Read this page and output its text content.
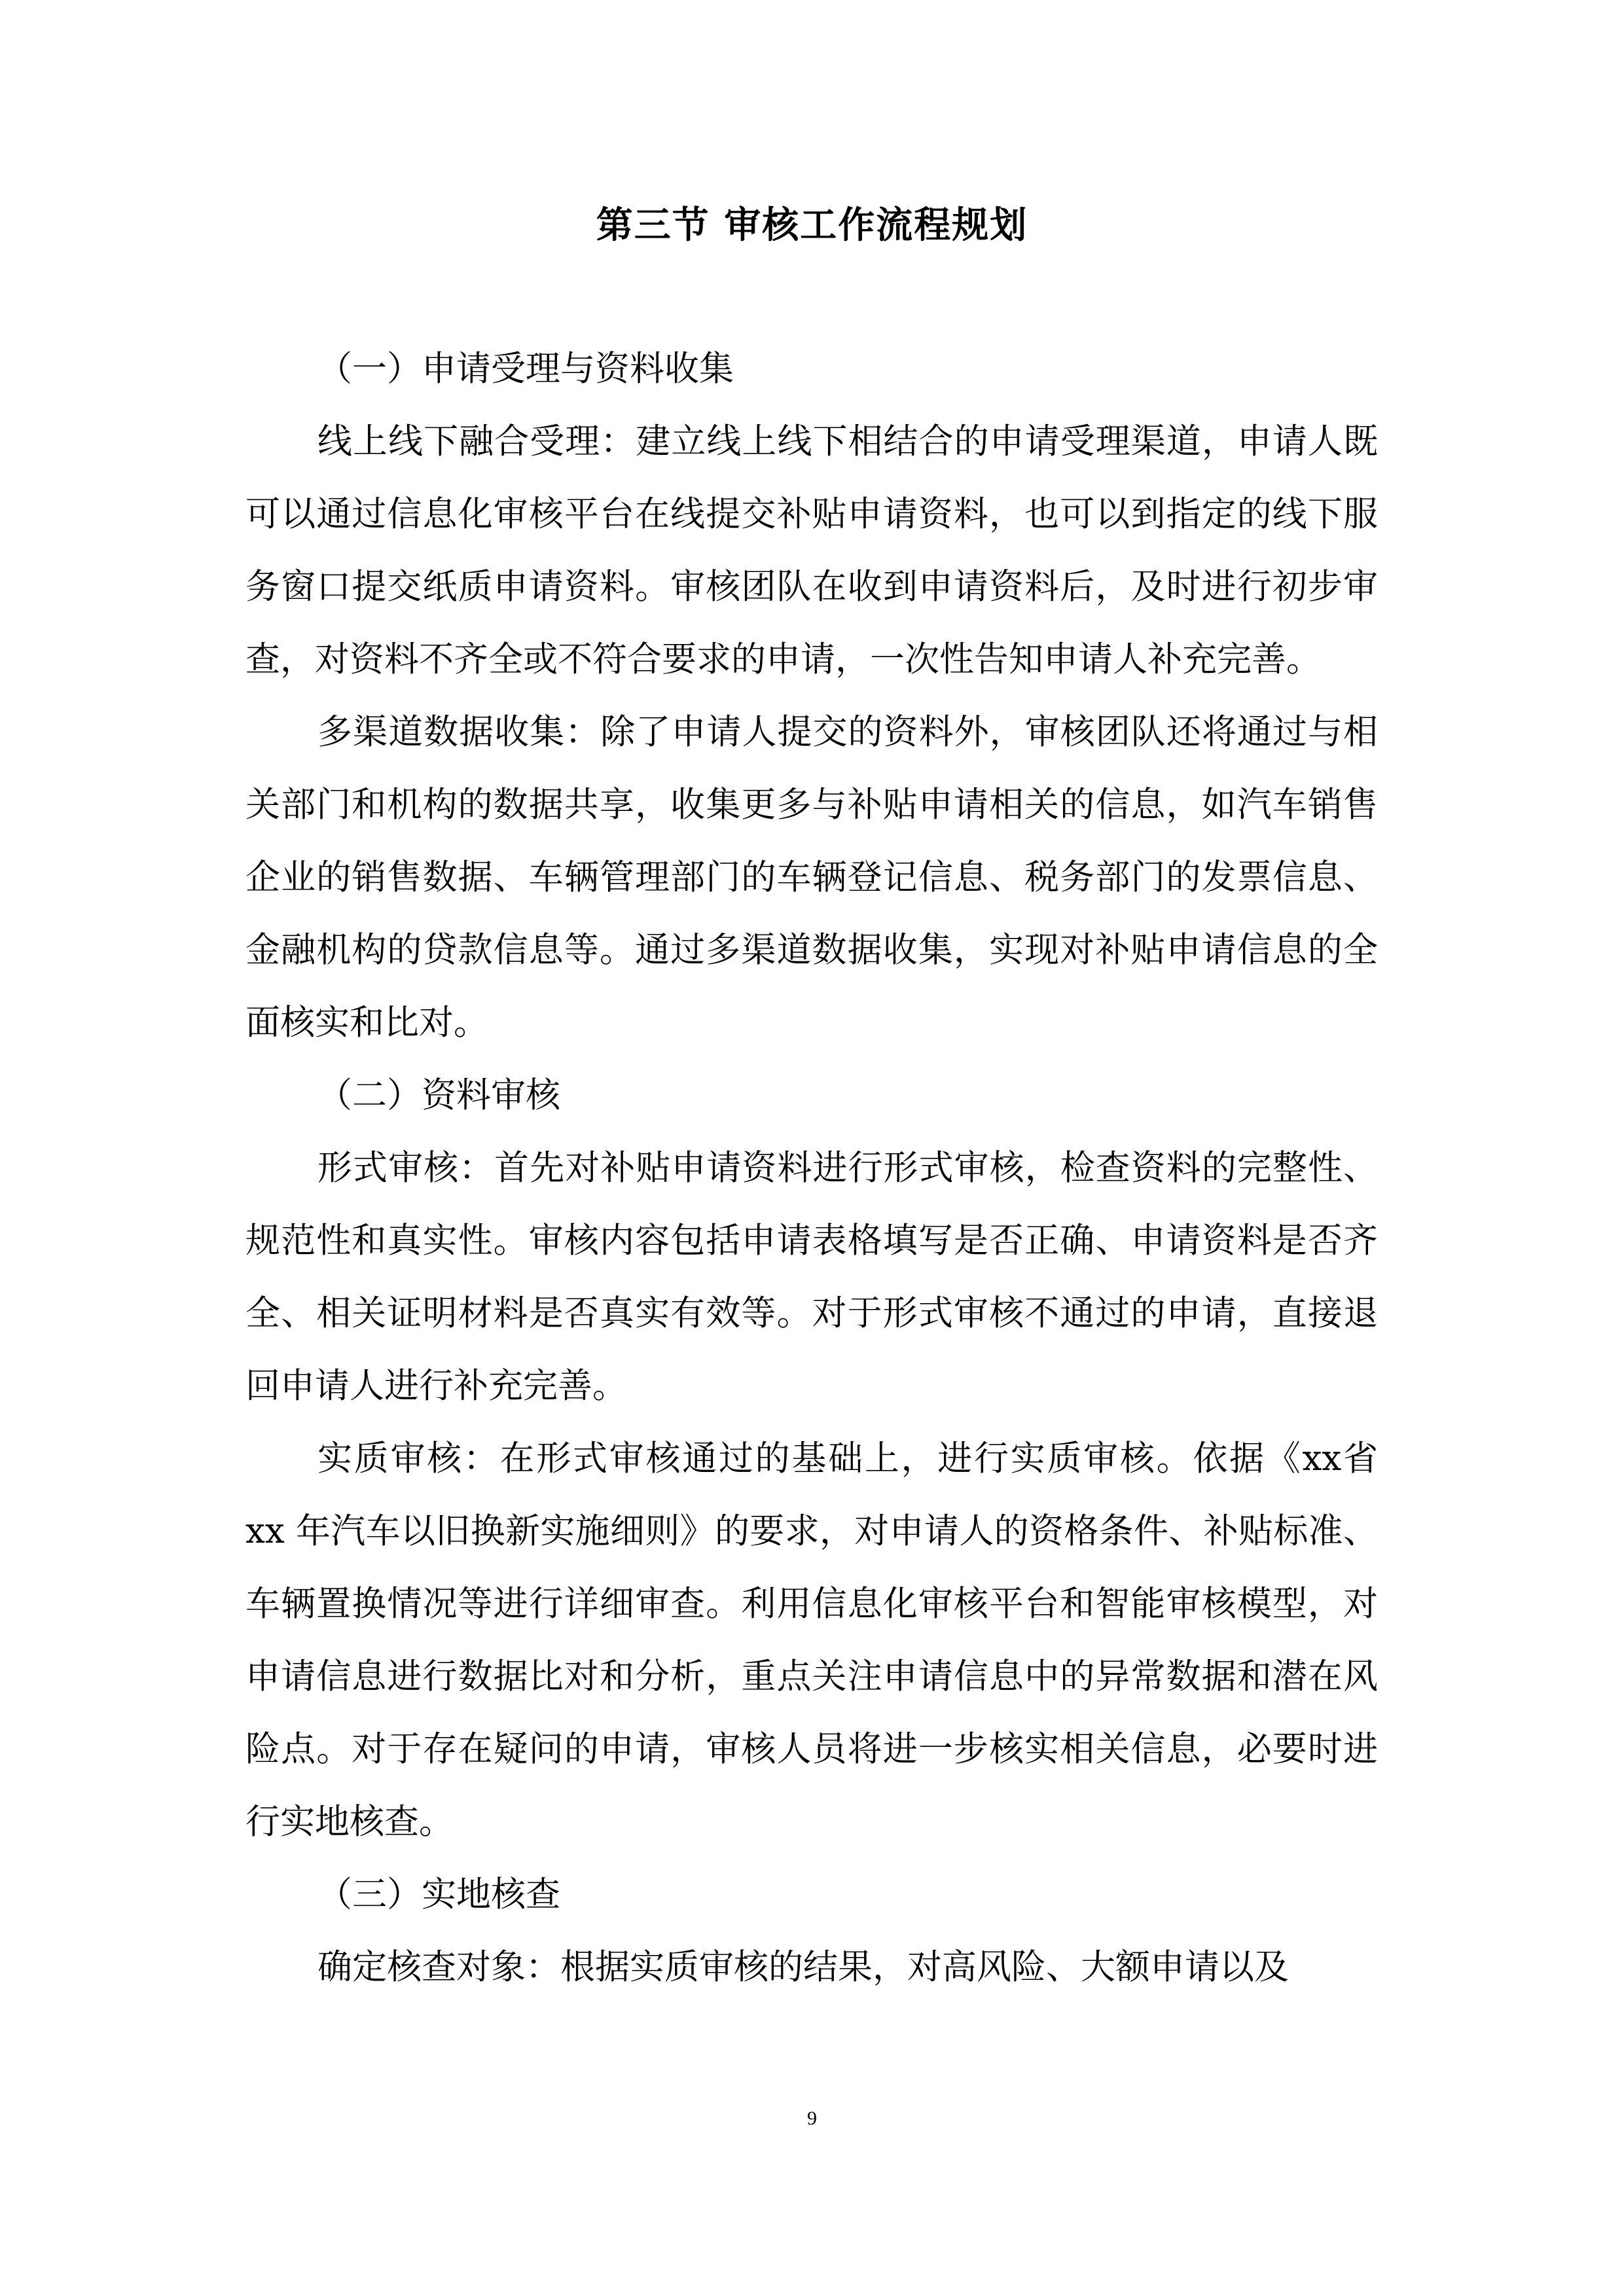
第三节 审核工作流程规划

（一）申请受理与资料收集

线上线下融合受理：建立线上线下相结合的申请受理渠道，申请人既可以通过信息化审核平台在线提交补贴申请资料，也可以到指定的线下服务窗口提交纸质申请资料。审核团队在收到申请资料后，及时进行初步审查，对资料不齐全或不符合要求的申请，一次性告知申请人补充完善。

多渠道数据收集：除了申请人提交的资料外，审核团队还将通过与相关部门和机构的数据共享，收集更多与补贴申请相关的信息，如汽车销售企业的销售数据、车辆管理部门的车辆登记信息、税务部门的发票信息、金融机构的贷款信息等。通过多渠道数据收集，实现对补贴申请信息的全面核实和比对。

（二）资料审核

形式审核：首先对补贴申请资料进行形式审核，检查资料的完整性、规范性和真实性。审核内容包括申请表格填写是否正确、申请资料是否齐全、相关证明材料是否真实有效等。对于形式审核不通过的申请，直接退回申请人进行补充完善。

实质审核：在形式审核通过的基础上，进行实质审核。依据《xx省 xx 年汽车以旧换新实施细则》的要求，对申请人的资格条件、补贴标准、车辆置换情况等进行详细审查。利用信息化审核平台和智能审核模型，对申请信息进行数据比对和分析，重点关注申请信息中的异常数据和潜在风险点。对于存在疑问的申请，审核人员将进一步核实相关信息，必要时进行实地核查。

（三）实地核查

确定核查对象：根据实质审核的结果，对高风险、大额申请以及

9
